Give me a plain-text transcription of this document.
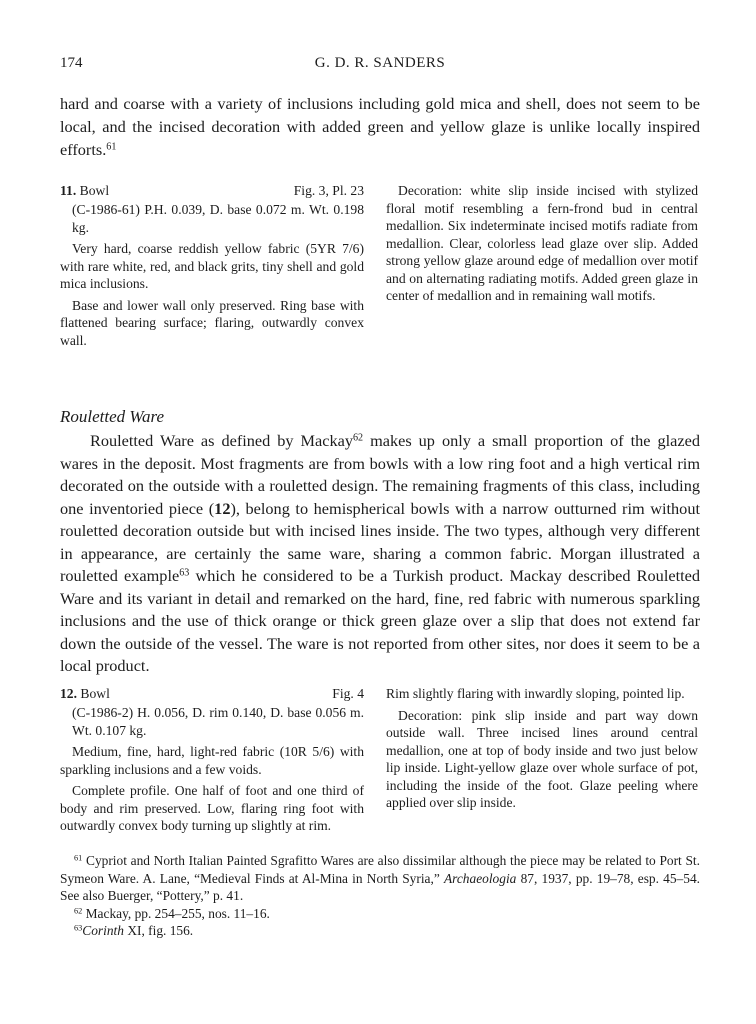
174	G. D. R. SANDERS
hard and coarse with a variety of inclusions including gold mica and shell, does not seem to be local, and the incised decoration with added green and yellow glaze is unlike locally inspired efforts.$^{61}$
11. Bowl	Fig. 3, Pl. 23

(C-1986-61) P.H. 0.039, D. base 0.072 m. Wt. 0.198 kg.

Very hard, coarse reddish yellow fabric (5YR 7/6) with rare white, red, and black grits, tiny shell and gold mica inclusions.

Base and lower wall only preserved. Ring base with flattened bearing surface; flaring, outwardly convex wall.

Decoration: white slip inside incised with stylized floral motif resembling a fern-frond bud in central medallion. Six indeterminate incised motifs radiate from medallion. Clear, colorless lead glaze over slip. Added strong yellow glaze around edge of medallion over motif and on alternating radiating motifs. Added green glaze in center of medallion and in remaining wall motifs.

Rouletted Ware

Rouletted Ware as defined by Mackay$^{62}$ makes up only a small proportion of the glazed wares in the deposit. Most fragments are from bowls with a low ring foot and a high vertical rim decorated on the outside with a rouletted design. The remaining fragments of this class, including one inventoried piece (12), belong to hemispherical bowls with a narrow outturned rim without rouletted decoration outside but with incised lines inside. The two types, although very different in appearance, are certainly the same ware, sharing a common fabric. Morgan illustrated a rouletted example$^{63}$ which he considered to be a Turkish product. Mackay described Rouletted Ware and its variant in detail and remarked on the hard, fine, red fabric with numerous sparkling inclusions and the use of thick orange or thick green glaze over a slip that does not extend far down the outside of the vessel. The ware is not reported from other sites, nor does it seem to be a local product.

12. Bowl	Fig. 4

(C-1986-2) H. 0.056, D. rim 0.140, D. base 0.056 m. Wt. 0.107 kg.

Medium, fine, hard, light-red fabric (10R 5/6) with sparkling inclusions and a few voids.

Complete profile. One half of foot and one third of body and rim preserved. Low, flaring ring foot with outwardly convex body turning up slightly at rim.

Rim slightly flaring with inwardly sloping, pointed lip.

Decoration: pink slip inside and part way down outside wall. Three incised lines around central medallion, one at top of body inside and two just below lip inside. Light-yellow glaze over whole surface of pot, including the inside of the foot. Glaze peeling where applied over slip inside.

$^{61}$ Cypriot and North Italian Painted Sgrafitto Wares are also dissimilar although the piece may be related to Port St. Symeon Ware. A. Lane, “Medieval Finds at Al-Mina in North Syria,” Archaeologia 87, 1937, pp. 19–78, esp. 45–54. See also Buerger, “Pottery,” p. 41.

$^{62}$ Mackay, pp. 254–255, nos. 11–16.

$^{63}$Corinth XI, fig. 156.
